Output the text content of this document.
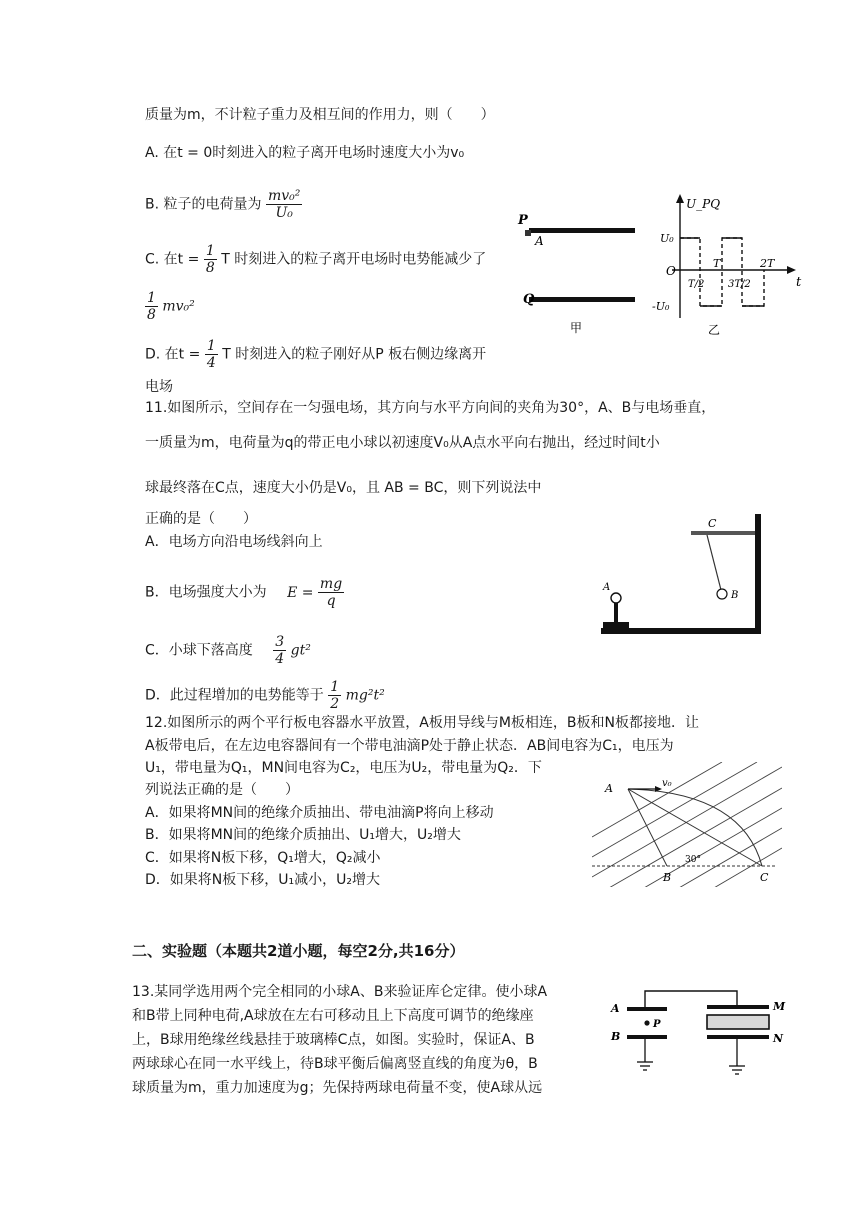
质量为m，不计粒子重力及相互间的作用力，则（　　）
A. 在t = 0时刻进入的粒子离开电场时速度大小为v₀
B. 粒子的电荷量为 $\frac{\text{mv₀²}}{\text{U₀}}$
C. 在$t = \frac{1}{8}$ T 时刻进入的粒子离开电场时电势能减少了
$\frac{1}{8} mv_0^2$
D. 在$t = \frac{1}{4}$ T 时刻进入的粒子刚好从P 板右侧边缘离开
电场
P
A
Q
甲
U_PQ
U₀
O
-U₀
T/2
T
3T/2
2T
t
乙
11.如图所示，空间存在一匀强电场，其方向与水平方向间的夹角为30°，A、B与电场垂直，
一质量为m，电荷量为q的带正电小球以初速度V₀从A点水平向右抛出，经过时间t小
球最终落在C点，速度大小仍是V₀，且 AB = BC，则下列说法中
正确的是（　　）
A．电场方向沿电场线斜向上
B．电场强度大小为 $E = \frac{mg}{q}$
C．小球下落高度 $\frac{3}{4} gt^2$
D．此过程增加的电势能等于 $\frac{1}{2} mg^2t^2$
C
A
B
12.如图所示的两个平行板电容器水平放置，A板用导线与M板相连，B板和N板都接地．让
A板带电后，在左边电容器间有一个带电油滴P处于静止状态．AB间电容为C₁，电压为
U₁，带电量为Q₁，MN间电容为C₂，电压为U₂，带电量为Q₂．下
列说法正确的是（　　）
A．如果将MN间的绝缘介质抽出、带电油滴P将向上移动
B．如果将MN间的绝缘介质抽出、U₁增大，U₂增大
C．如果将N板下移，Q₁增大，Q₂减小
D．如果将N板下移，U₁减小，U₂增大
A	v₀
30°
B	C
二、实验题（本题共2道小题，每空2分,共16分）
13.某同学选用两个完全相同的小球A、B来验证库仑定律。使小球A
和B带上同种电荷,A球放在左右可移动且上下高度可调节的绝缘座
上，B球用绝缘丝线悬挂于玻璃棒C点，如图。实验时，保证A、B
两球球心在同一水平线上，待B球平衡后偏离竖直线的角度为θ，B
球质量为m，重力加速度为g；先保持两球电荷量不变，使A球从远
A
B
P
M
N
